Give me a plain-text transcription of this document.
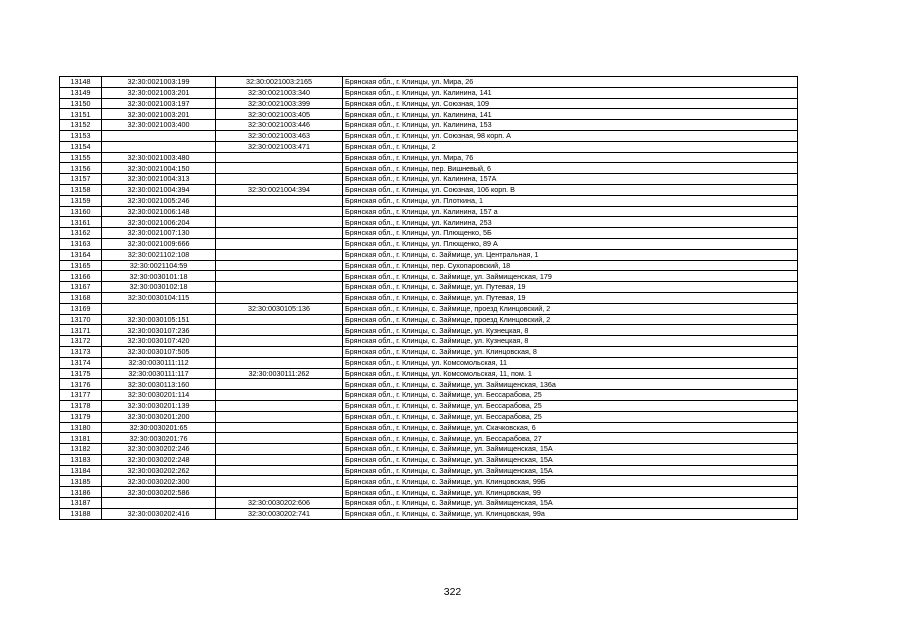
13148	32:30:0021003:199	32:30:0021003:2165	Брянская обл., г. Клинцы, ул. Мира, 26
13149	32:30:0021003:201	32:30:0021003:340	Брянская обл., г. Клинцы, ул. Калинина, 141
13150	32:30:0021003:197	32:30:0021003:399	Брянская обл., г. Клинцы, ул. Союзная, 109
13151	32:30:0021003:201	32:30:0021003:405	Брянская обл., г. Клинцы, ул. Калинина, 141
13152	32:30:0021003:400	32:30:0021003:446	Брянская обл., г. Клинцы, ул. Калинина, 153
13153		32:30:0021003:463	Брянская обл., г. Клинцы, ул. Союзная, 98 корп. А
13154		32:30:0021003:471	Брянская обл., г. Клинцы, 2
13155	32:30:0021003:480		Брянская обл., г. Клинцы, ул. Мира, 76
13156	32:30:0021004:150		Брянская обл., г. Клинцы, пер. Вишневый, 6
13157	32:30:0021004:313		Брянская обл., г. Клинцы, ул. Калинина, 157А
13158	32:30:0021004:394	32:30:0021004:394	Брянская обл., г. Клинцы, ул. Союзная, 106 корп. В
13159	32:30:0021005:246		Брянская обл., г. Клинцы, ул. Плоткина, 1
13160	32:30:0021006:148		Брянская обл., г. Клинцы, ул. Калинина, 157 а
13161	32:30:0021006:204		Брянская обл., г. Клинцы, ул. Калинина, 253
13162	32:30:0021007:130		Брянская обл., г. Клинцы, ул. Плющенко, 5Б
13163	32:30:0021009:666		Брянская обл., г. Клинцы, ул. Плющенко, 89 А
13164	32:30:0021102:108		Брянская обл., г. Клинцы, с. Займище, ул. Центральная, 1
13165	32:30:0021104:59		Брянская обл., г. Клинцы, пер. Сухопаровский, 18
13166	32:30:0030101:18		Брянская обл., г. Клинцы, с. Займище, ул. Займищенская, 179
13167	32:30:0030102:18		Брянская обл., г. Клинцы, с. Займище, ул. Путевая, 19
13168	32:30:0030104:115		Брянская обл., г. Клинцы, с. Займище, ул. Путевая, 19
13169		32:30:0030105:136	Брянская обл., г. Клинцы, с. Займище, проезд Клинцовский, 2
13170	32:30:0030105:151		Брянская обл., г. Клинцы, с. Займище, проезд Клинцовский, 2
13171	32:30:0030107:236		Брянская обл., г. Клинцы, с. Займище, ул. Кузнецкая, 8
13172	32:30:0030107:420		Брянская обл., г. Клинцы, с. Займище, ул. Кузнецкая, 8
13173	32:30:0030107:505		Брянская обл., г. Клинцы, с. Займище, ул. Клинцовская, 8
13174	32:30:0030111:112		Брянская обл., г. Клинцы, ул. Комсомольская, 11
13175	32:30:0030111:117	32:30:0030111:262	Брянская обл., г. Клинцы, ул. Комсомольская, 11, пом. 1
13176	32:30:0030113:160		Брянская обл., г. Клинцы, с. Займище, ул. Займищенская, 136а
13177	32:30:0030201:114		Брянская обл., г. Клинцы, с. Займище, ул. Бессарабова, 25
13178	32:30:0030201:139		Брянская обл., г. Клинцы, с. Займище, ул. Бессарабова, 25
13179	32:30:0030201:200		Брянская обл., г. Клинцы, с. Займище, ул. Бессарабова, 25
13180	32:30:0030201:65		Брянская обл., г. Клинцы, с. Займище, ул. Скачковская, 6
13181	32:30:0030201:76		Брянская обл., г. Клинцы, с. Займище, ул. Бессарабова, 27
13182	32:30:0030202:246		Брянская обл., г. Клинцы, с. Займище, ул. Займищенская, 15А
13183	32:30:0030202:248		Брянская обл., г. Клинцы, с. Займище, ул. Займищенская, 15А
13184	32:30:0030202:262		Брянская обл., г. Клинцы, с. Займище, ул. Займищенская, 15А
13185	32:30:0030202:300		Брянская обл., г. Клинцы, с. Займище, ул. Клинцовская, 99Б
13186	32:30:0030202:586		Брянская обл., г. Клинцы, с. Займище, ул. Клинцовская, 99
13187		32:30:0030202:606	Брянская обл., г. Клинцы, с. Займище, ул. Займищенская, 15А
13188	32:30:0030202:416	32:30:0030202:741	Брянская обл., г. Клинцы, с. Займище, ул. Клинцовская, 99а
322
